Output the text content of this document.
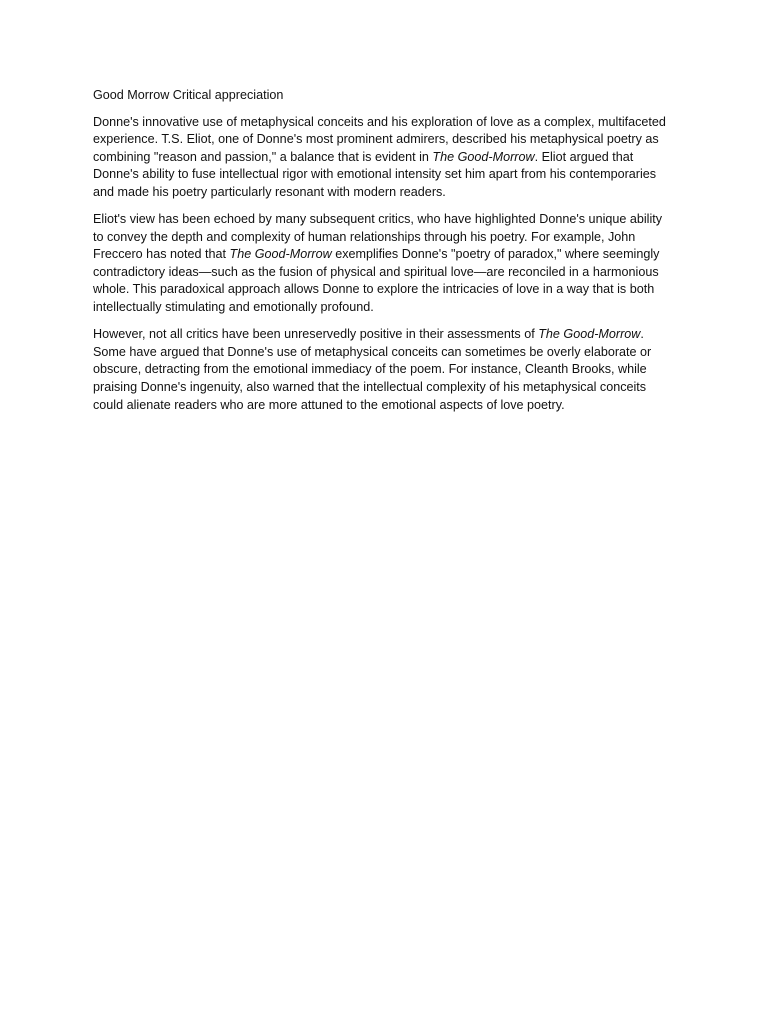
Good Morrow Critical appreciation

Donne's innovative use of metaphysical conceits and his exploration of love as a complex, multifaceted experience. T.S. Eliot, one of Donne's most prominent admirers, described his metaphysical poetry as combining "reason and passion," a balance that is evident in The Good-Morrow. Eliot argued that Donne's ability to fuse intellectual rigor with emotional intensity set him apart from his contemporaries and made his poetry particularly resonant with modern readers.

Eliot's view has been echoed by many subsequent critics, who have highlighted Donne's unique ability to convey the depth and complexity of human relationships through his poetry. For example, John Freccero has noted that The Good-Morrow exemplifies Donne's "poetry of paradox," where seemingly contradictory ideas—such as the fusion of physical and spiritual love—are reconciled in a harmonious whole. This paradoxical approach allows Donne to explore the intricacies of love in a way that is both intellectually stimulating and emotionally profound.

However, not all critics have been unreservedly positive in their assessments of The Good-Morrow. Some have argued that Donne's use of metaphysical conceits can sometimes be overly elaborate or obscure, detracting from the emotional immediacy of the poem. For instance, Cleanth Brooks, while praising Donne's ingenuity, also warned that the intellectual complexity of his metaphysical conceits could alienate readers who are more attuned to the emotional aspects of love poetry.
